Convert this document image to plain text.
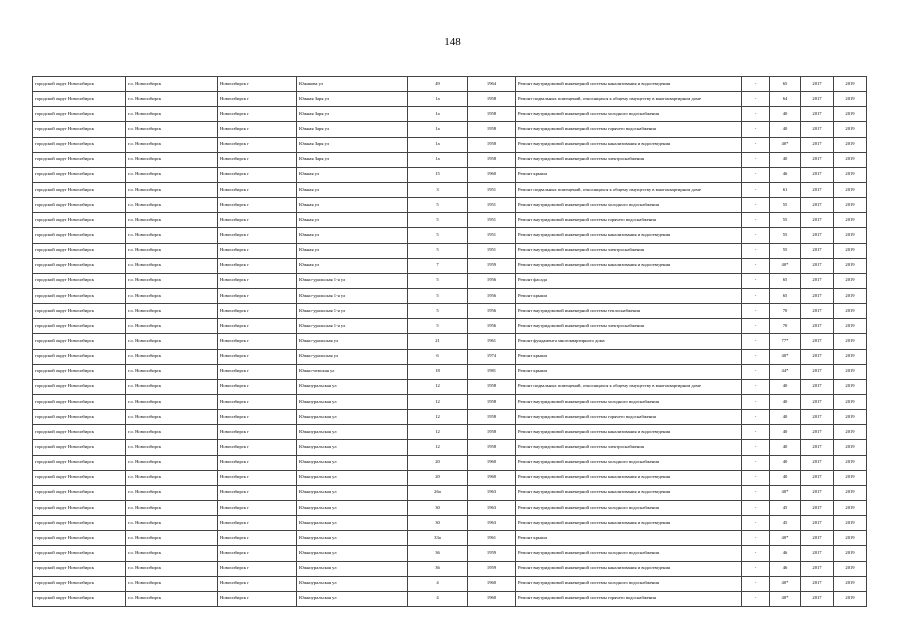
148
городской округ Новосибирск	г.о. Новосибирск	Новосибирск г	Южакова ул	49	1964	Ремонт внутридомовой инженерной системы канализования и водоотведения	-	65	2017	2019
городской округ Новосибирск	г.о. Новосибирск	Новосибирск г	Южная Заря ул	1а	1958	Ремонт подвальных помещений, относящихся к общему имуществу в многоквартирном доме	-	64	2017	2019
городской округ Новосибирск	г.о. Новосибирск	Новосибирск г	Южная Заря ул	1а	1958	Ремонт внутридомовой инженерной системы холодного водоснабжения	-	40	2017	2019
городской округ Новосибирск	г.о. Новосибирск	Новосибирск г	Южная Заря ул	1а	1958	Ремонт внутридомовой инженерной системы горячего водоснабжения	-	40	2017	2019
городской округ Новосибирск	г.о. Новосибирск	Новосибирск г	Южная Заря ул	1а	1958	Ремонт внутридомовой инженерной системы канализования и водоотведения	-	40*	2017	2019
городской округ Новосибирск	г.о. Новосибирск	Новосибирск г	Южная Заря ул	1а	1958	Ремонт внутридомовой инженерной системы электроснабжения	-	40	2017	2019
городской округ Новосибирск	г.о. Новосибирск	Новосибирск г	Южная ул	15	1960	Ремонт крыши	-	46	2017	2019
городской округ Новосибирск	г.о. Новосибирск	Новосибирск г	Южная ул	3	1951	Ремонт подвальных помещений, относящихся к общему имуществу в многоквартирном доме	-	61	2017	2019
городской округ Новосибирск	г.о. Новосибирск	Новосибирск г	Южная ул	5	1951	Ремонт внутридомовой инженерной системы холодного водоснабжения	-	55	2017	2019
городской округ Новосибирск	г.о. Новосибирск	Новосибирск г	Южная ул	5	1951	Ремонт внутридомовой инженерной системы горячего водоснабжения	-	55	2017	2019
городской округ Новосибирск	г.о. Новосибирск	Новосибирск г	Южная ул	5	1951	Ремонт внутридомовой инженерной системы канализования и водоотведения	-	55	2017	2019
городской округ Новосибирск	г.о. Новосибирск	Новосибирск г	Южная ул	5	1951	Ремонт внутридомовой инженерной системы электроснабжения	-	55	2017	2019
городской округ Новосибирск	г.о. Новосибирск	Новосибирск г	Южная ул	7	1959	Ремонт внутридомовой инженерной системы канализования и водоотведения	-	40*	2017	2019
городской округ Новосибирск	г.о. Новосибирск	Новосибирск г	Южно-уральская 1-я ул	5	1956	Ремонт фасада	-	65	2017	2019
городской округ Новосибирск	г.о. Новосибирск	Новосибирск г	Южно-уральская 1-я ул	5	1956	Ремонт крыши	-	65	2017	2019
городской округ Новосибирск	г.о. Новосибирск	Новосибирск г	Южно-уральская 1-я ул	5	1956	Ремонт внутридомовой инженерной системы теплоснабжения	-	70	2017	2019
городской округ Новосибирск	г.о. Новосибирск	Новосибирск г	Южно-уральская 1-я ул	5	1956	Ремонт внутридомовой инженерной системы электроснабжения	-	70	2017	2019
городской округ Новосибирск	г.о. Новосибирск	Новосибирск г	Южно-уральская ул	21	1961	Ремонт фундамента многоквартирного дома	-	77*	2017	2019
городской округ Новосибирск	г.о. Новосибирск	Новосибирск г	Южно-уральская ул	6	1974	Ремонт крыши	-	40*	2017	2019
городской округ Новосибирск	г.о. Новосибирск	Новосибирск г	Южно-чемская ул	18	1981	Ремонт крыши	-	44*	2017	2019
городской округ Новосибирск	г.о. Новосибирск	Новосибирск г	Южноуральская ул	12	1958	Ремонт подвальных помещений, относящихся к общему имуществу в многоквартирном доме	-	40	2017	2019
городской округ Новосибирск	г.о. Новосибирск	Новосибирск г	Южноуральская ул	12	1958	Ремонт внутридомовой инженерной системы холодного водоснабжения	-	40	2017	2019
городской округ Новосибирск	г.о. Новосибирск	Новосибирск г	Южноуральская ул	12	1958	Ремонт внутридомовой инженерной системы горячего водоснабжения	-	40	2017	2019
городской округ Новосибирск	г.о. Новосибирск	Новосибирск г	Южноуральская ул	12	1958	Ремонт внутридомовой инженерной системы канализования и водоотведения	-	40	2017	2019
городской округ Новосибирск	г.о. Новосибирск	Новосибирск г	Южноуральская ул	12	1958	Ремонт внутридомовой инженерной системы электроснабжения	-	40	2017	2019
городской округ Новосибирск	г.о. Новосибирск	Новосибирск г	Южноуральская ул	20	1960	Ремонт внутридомовой инженерной системы холодного водоснабжения	-	40	2017	2019
городской округ Новосибирск	г.о. Новосибирск	Новосибирск г	Южноуральская ул	20	1960	Ремонт внутридомовой инженерной системы канализования и водоотведения	-	40	2017	2019
городской округ Новосибирск	г.о. Новосибирск	Новосибирск г	Южноуральская ул	26а	1963	Ремонт внутридомовой инженерной системы канализования и водоотведения	-	40*	2017	2019
городской округ Новосибирск	г.о. Новосибирск	Новосибирск г	Южноуральская ул	30	1963	Ремонт внутридомовой инженерной системы холодного водоснабжения	-	45	2017	2019
городской округ Новосибирск	г.о. Новосибирск	Новосибирск г	Южноуральская ул	30	1963	Ремонт внутридомовой инженерной системы канализования и водоотведения	-	45	2017	2019
городской округ Новосибирск	г.о. Новосибирск	Новосибирск г	Южноуральская ул	33а	1961	Ремонт крыши	-	40*	2017	2019
городской округ Новосибирск	г.о. Новосибирск	Новосибирск г	Южноуральская ул	36	1959	Ремонт внутридомовой инженерной системы холодного водоснабжения	-	46	2017	2019
городской округ Новосибирск	г.о. Новосибирск	Новосибирск г	Южноуральская ул	36	1959	Ремонт внутридомовой инженерной системы канализования и водоотведения	-	46	2017	2019
городской округ Новосибирск	г.о. Новосибирск	Новосибирск г	Южноуральская ул	4	1960	Ремонт внутридомовой инженерной системы холодного водоснабжения	-	40*	2017	2019
городской округ Новосибирск	г.о. Новосибирск	Новосибирск г	Южноуральская ул	4	1960	Ремонт внутридомовой инженерной системы горячего водоснабжения	-	40*	2017	2019
